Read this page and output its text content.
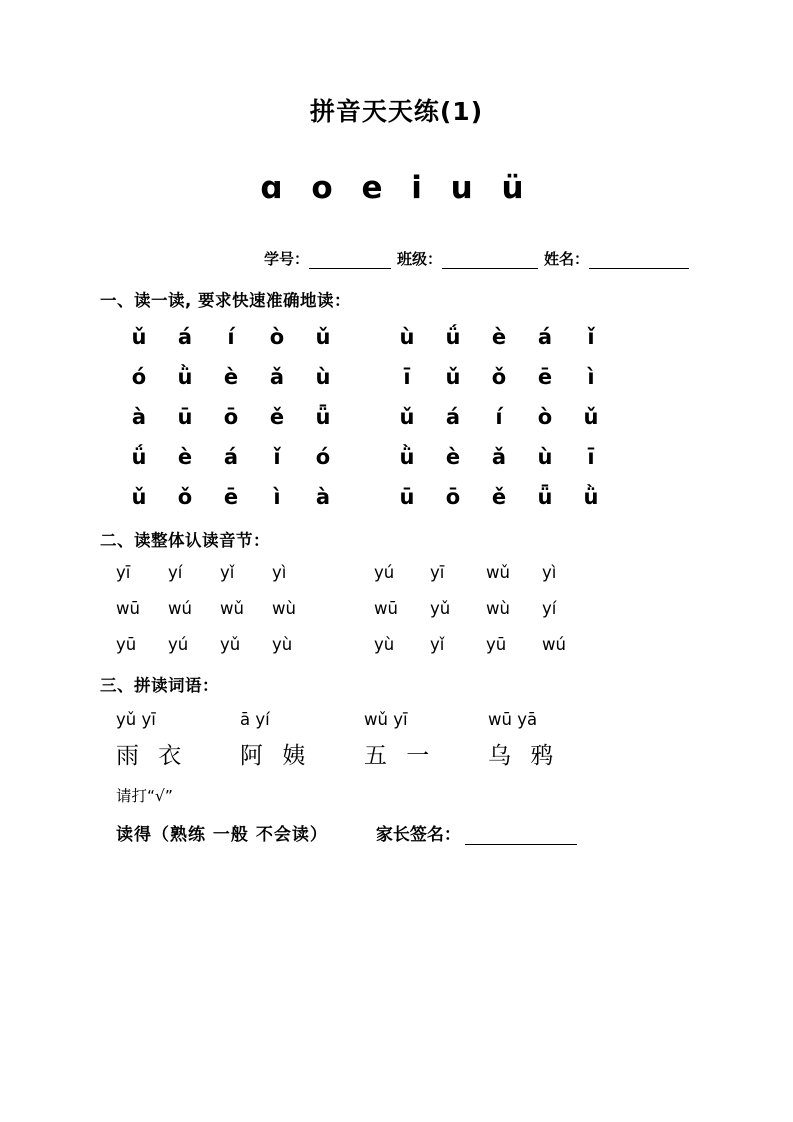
拼音天天练(1)
ɑ o e i u ü
学号：	班级：	姓名：
一、读一读, 要求快速准确地读：
ǔ	á	í	ò	ǔ	ù	ǘ	è	á	ǐ
ó	ǜ	è	ǎ	ù	ī	ǔ	ǒ	ē	ì
à	ū	ō	ě	ǖ	ǔ	á	í	ò	ǔ
ǘ	è	á	ǐ	ó	ǜ	è	ǎ	ù	ī
ǔ	ǒ	ē	ì	à	ū	ō	ě	ǖ	ǜ
二、读整体认读音节：
yī	yí	yǐ	yì	yú	yī	wǔ	yì
wū	wú	wǔ	wù	wū	yǔ	wù	yí
yū	yú	yǔ	yù	yù	yǐ	yū	wú
三、拼读词语：
yǔ yī	ā yí	wǔ yī	wū yā
雨 衣	阿 姨	五 一	乌 鸦
请打“√”
读得（熟练 一般 不会读）	家长签名：
